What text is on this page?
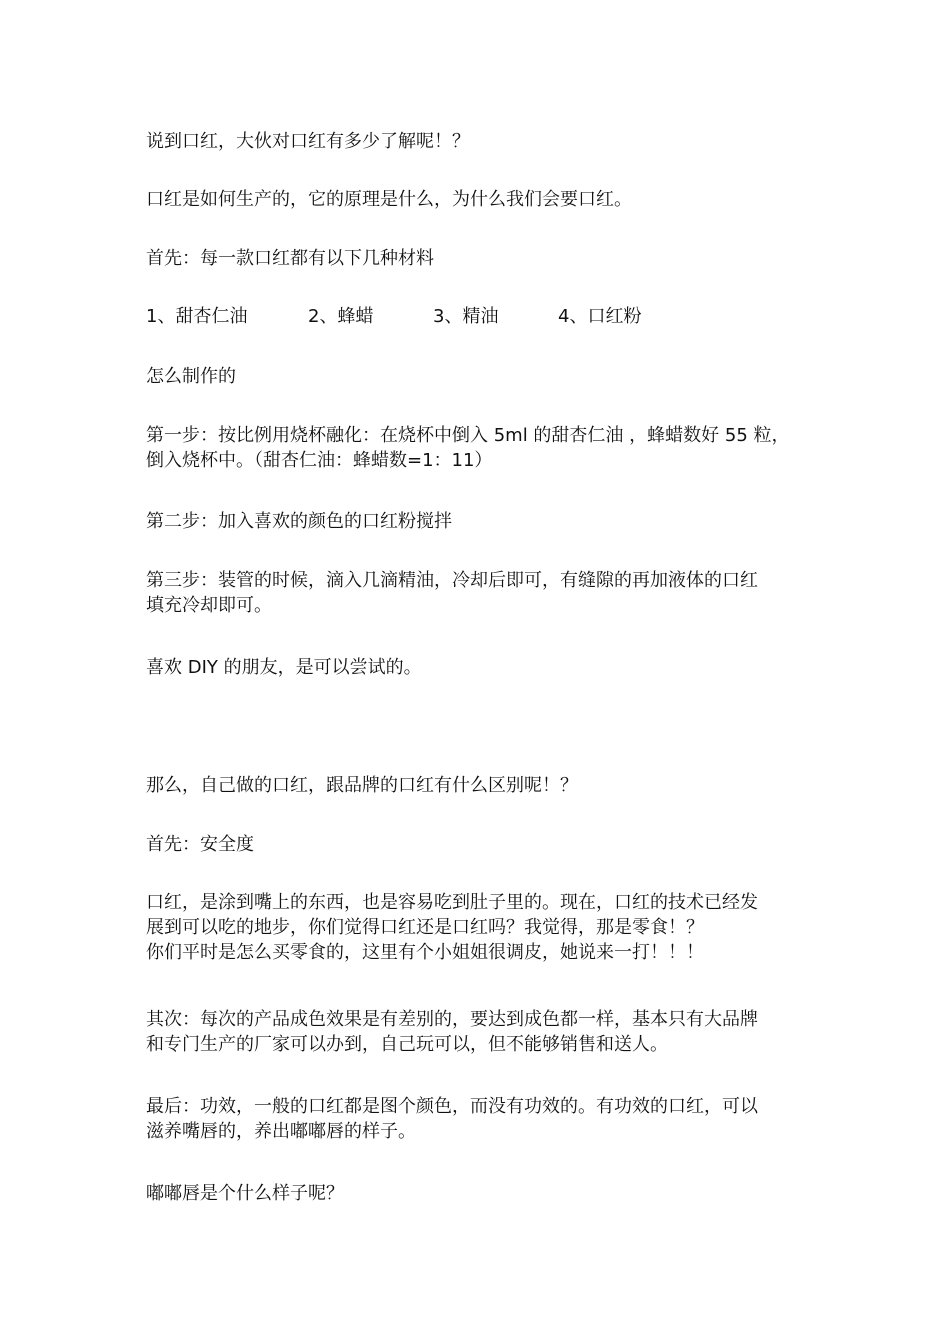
说到口红，大伙对口红有多少了解呢！？
口红是如何生产的，它的原理是什么，为什么我们会要口红。
首先：每一款口红都有以下几种材料
1、甜杏仁油	2、蜂蜡	3、精油	4、口红粉
怎么制作的
第一步：按比例用烧杯融化：在烧杯中倒入 5ml 的甜杏仁油 ，蜂蜡数好 55 粒，
倒入烧杯中。（甜杏仁油：蜂蜡数=1：11）
第二步：加入喜欢的颜色的口红粉搅拌
第三步：装管的时候，滴入几滴精油，冷却后即可，有缝隙的再加液体的口红
填充冷却即可。
喜欢 DIY 的朋友，是可以尝试的。
那么，自己做的口红，跟品牌的口红有什么区别呢！？
首先：安全度
口红，是涂到嘴上的东西，也是容易吃到肚子里的。现在，口红的技术已经发
展到可以吃的地步，你们觉得口红还是口红吗？我觉得，那是零食！？
你们平时是怎么买零食的，这里有个小姐姐很调皮，她说来一打！！！
其次：每次的产品成色效果是有差别的，要达到成色都一样，基本只有大品牌
和专门生产的厂家可以办到，自己玩可以，但不能够销售和送人。
最后：功效，一般的口红都是图个颜色，而没有功效的。有功效的口红，可以
滋养嘴唇的，养出嘟嘟唇的样子。
嘟嘟唇是个什么样子呢？
